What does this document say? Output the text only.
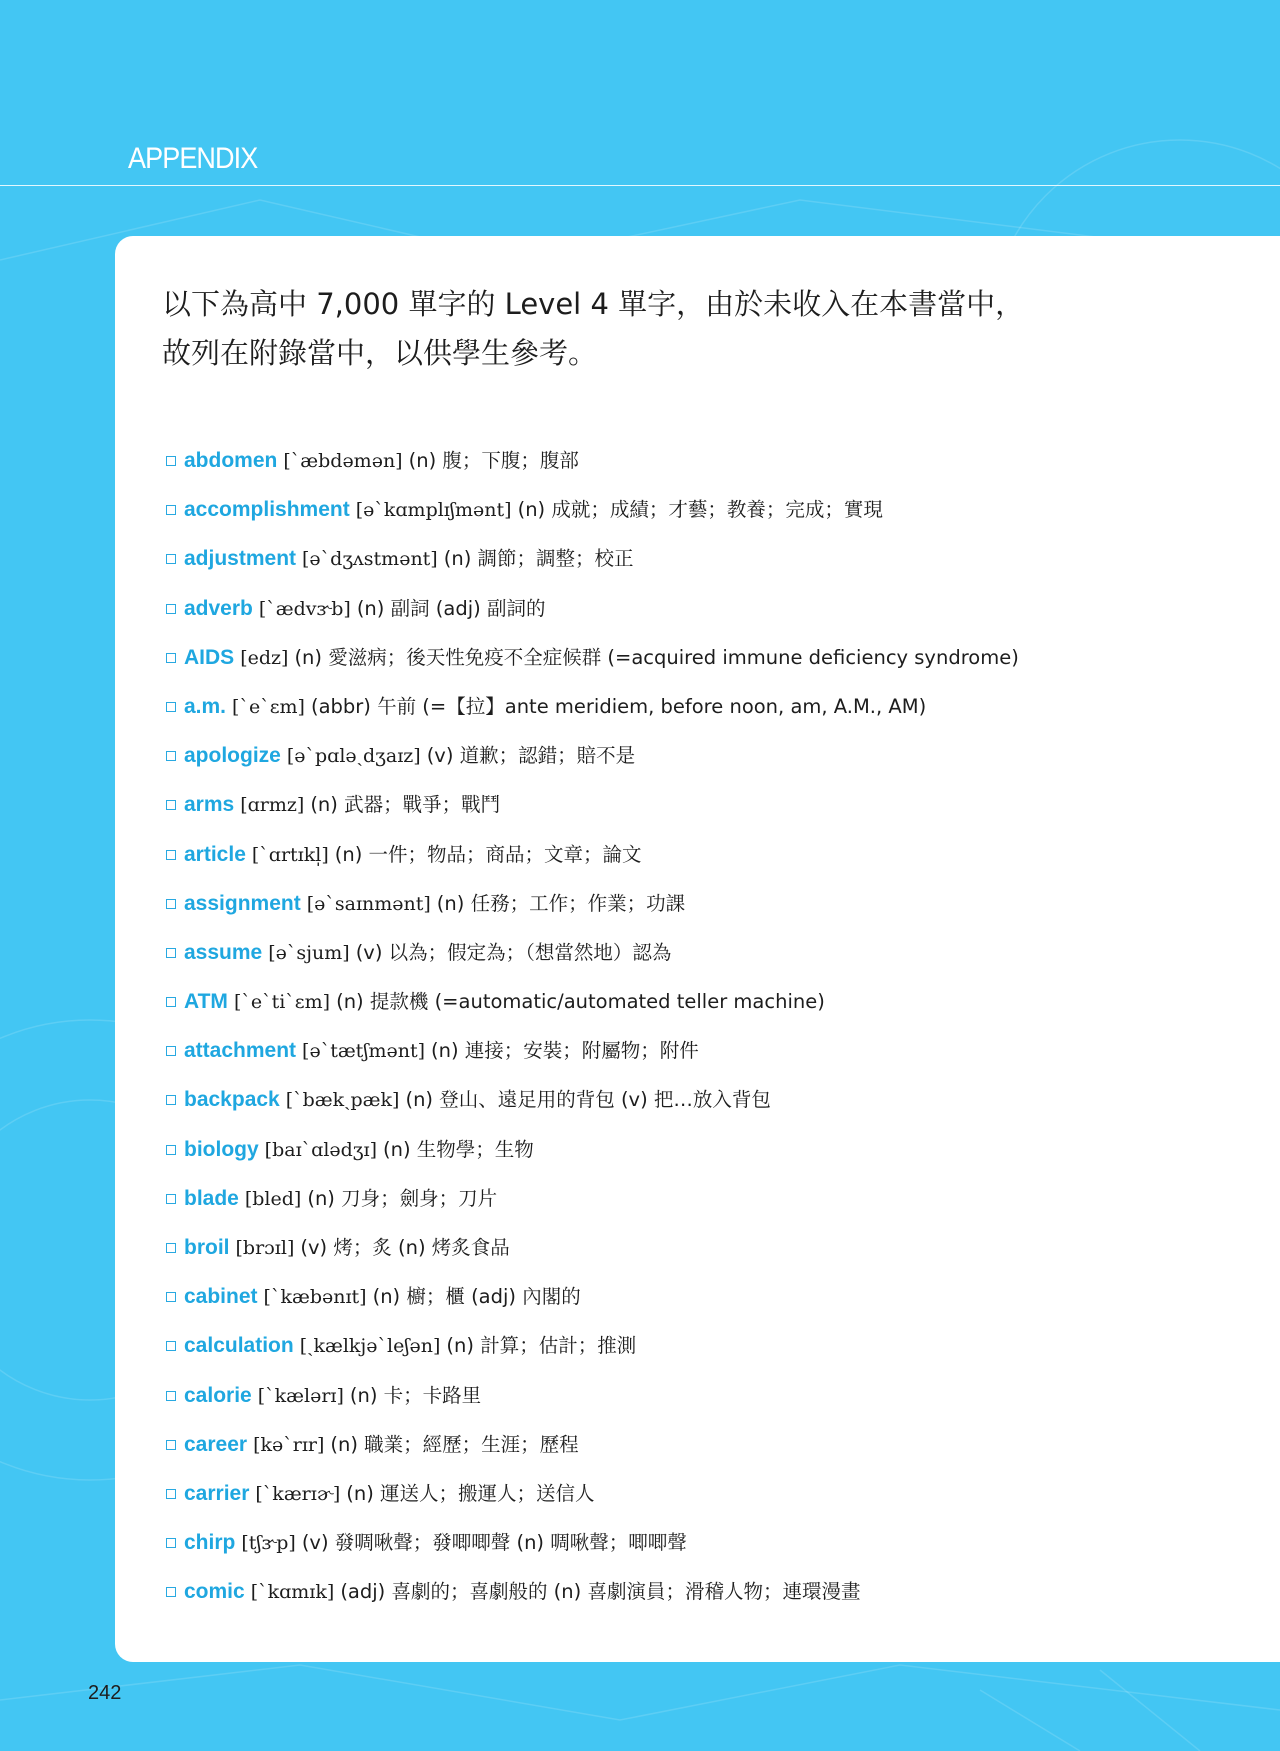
APPENDIX
以下為高中 7,000 單字的 Level 4 單字，由於未收入在本書當中，
故列在附錄當中，以供學生參考。
abdomen [ˋæbdəmən] (n) 腹；下腹；腹部
accomplishment [əˋkɑmplɪʃmənt] (n) 成就；成績；才藝；教養；完成；實現
adjustment [əˋdʒʌstmənt] (n) 調節；調整；校正
adverb [ˋædvɝb] (n) 副詞 (adj) 副詞的
AIDS [edz] (n) 愛滋病；後天性免疫不全症候群 (=acquired immune deficiency syndrome)
a.m. [ˋeˋɛm] (abbr) 午前 (=【拉】ante meridiem, before noon, am, A.M., AM)
apologize [əˋpɑləˏdʒaɪz] (v) 道歉；認錯；賠不是
arms [ɑrmz] (n) 武器；戰爭；戰鬥
article [ˋɑrtɪkl̩] (n) 一件；物品；商品；文章；論文
assignment [əˋsaɪnmənt] (n) 任務；工作；作業；功課
assume [əˋsjum] (v) 以為；假定為；（想當然地）認為
ATM [ˋeˋtiˋɛm] (n) 提款機 (=automatic/automated teller machine)
attachment [əˋtætʃmənt] (n) 連接；安裝；附屬物；附件
backpack [ˋbækˏpæk] (n) 登山、遠足用的背包 (v) 把…放入背包
biology [baɪˋɑlədʒɪ] (n) 生物學；生物
blade [bled] (n) 刀身；劍身；刀片
broil [brɔɪl] (v) 烤；炙 (n) 烤炙食品
cabinet [ˋkæbənɪt] (n) 櫥；櫃 (adj) 內閣的
calculation [ˏkælkjəˋleʃən] (n) 計算；估計；推測
calorie [ˋkælərɪ] (n) 卡；卡路里
career [kəˋrɪr] (n) 職業；經歷；生涯；歷程
carrier [ˋkærɪɚ] (n) 運送人；搬運人；送信人
chirp [tʃɝp] (v) 發啁啾聲；發唧唧聲 (n) 啁啾聲；唧唧聲
comic [ˋkɑmɪk] (adj) 喜劇的；喜劇般的 (n) 喜劇演員；滑稽人物；連環漫畫
242
